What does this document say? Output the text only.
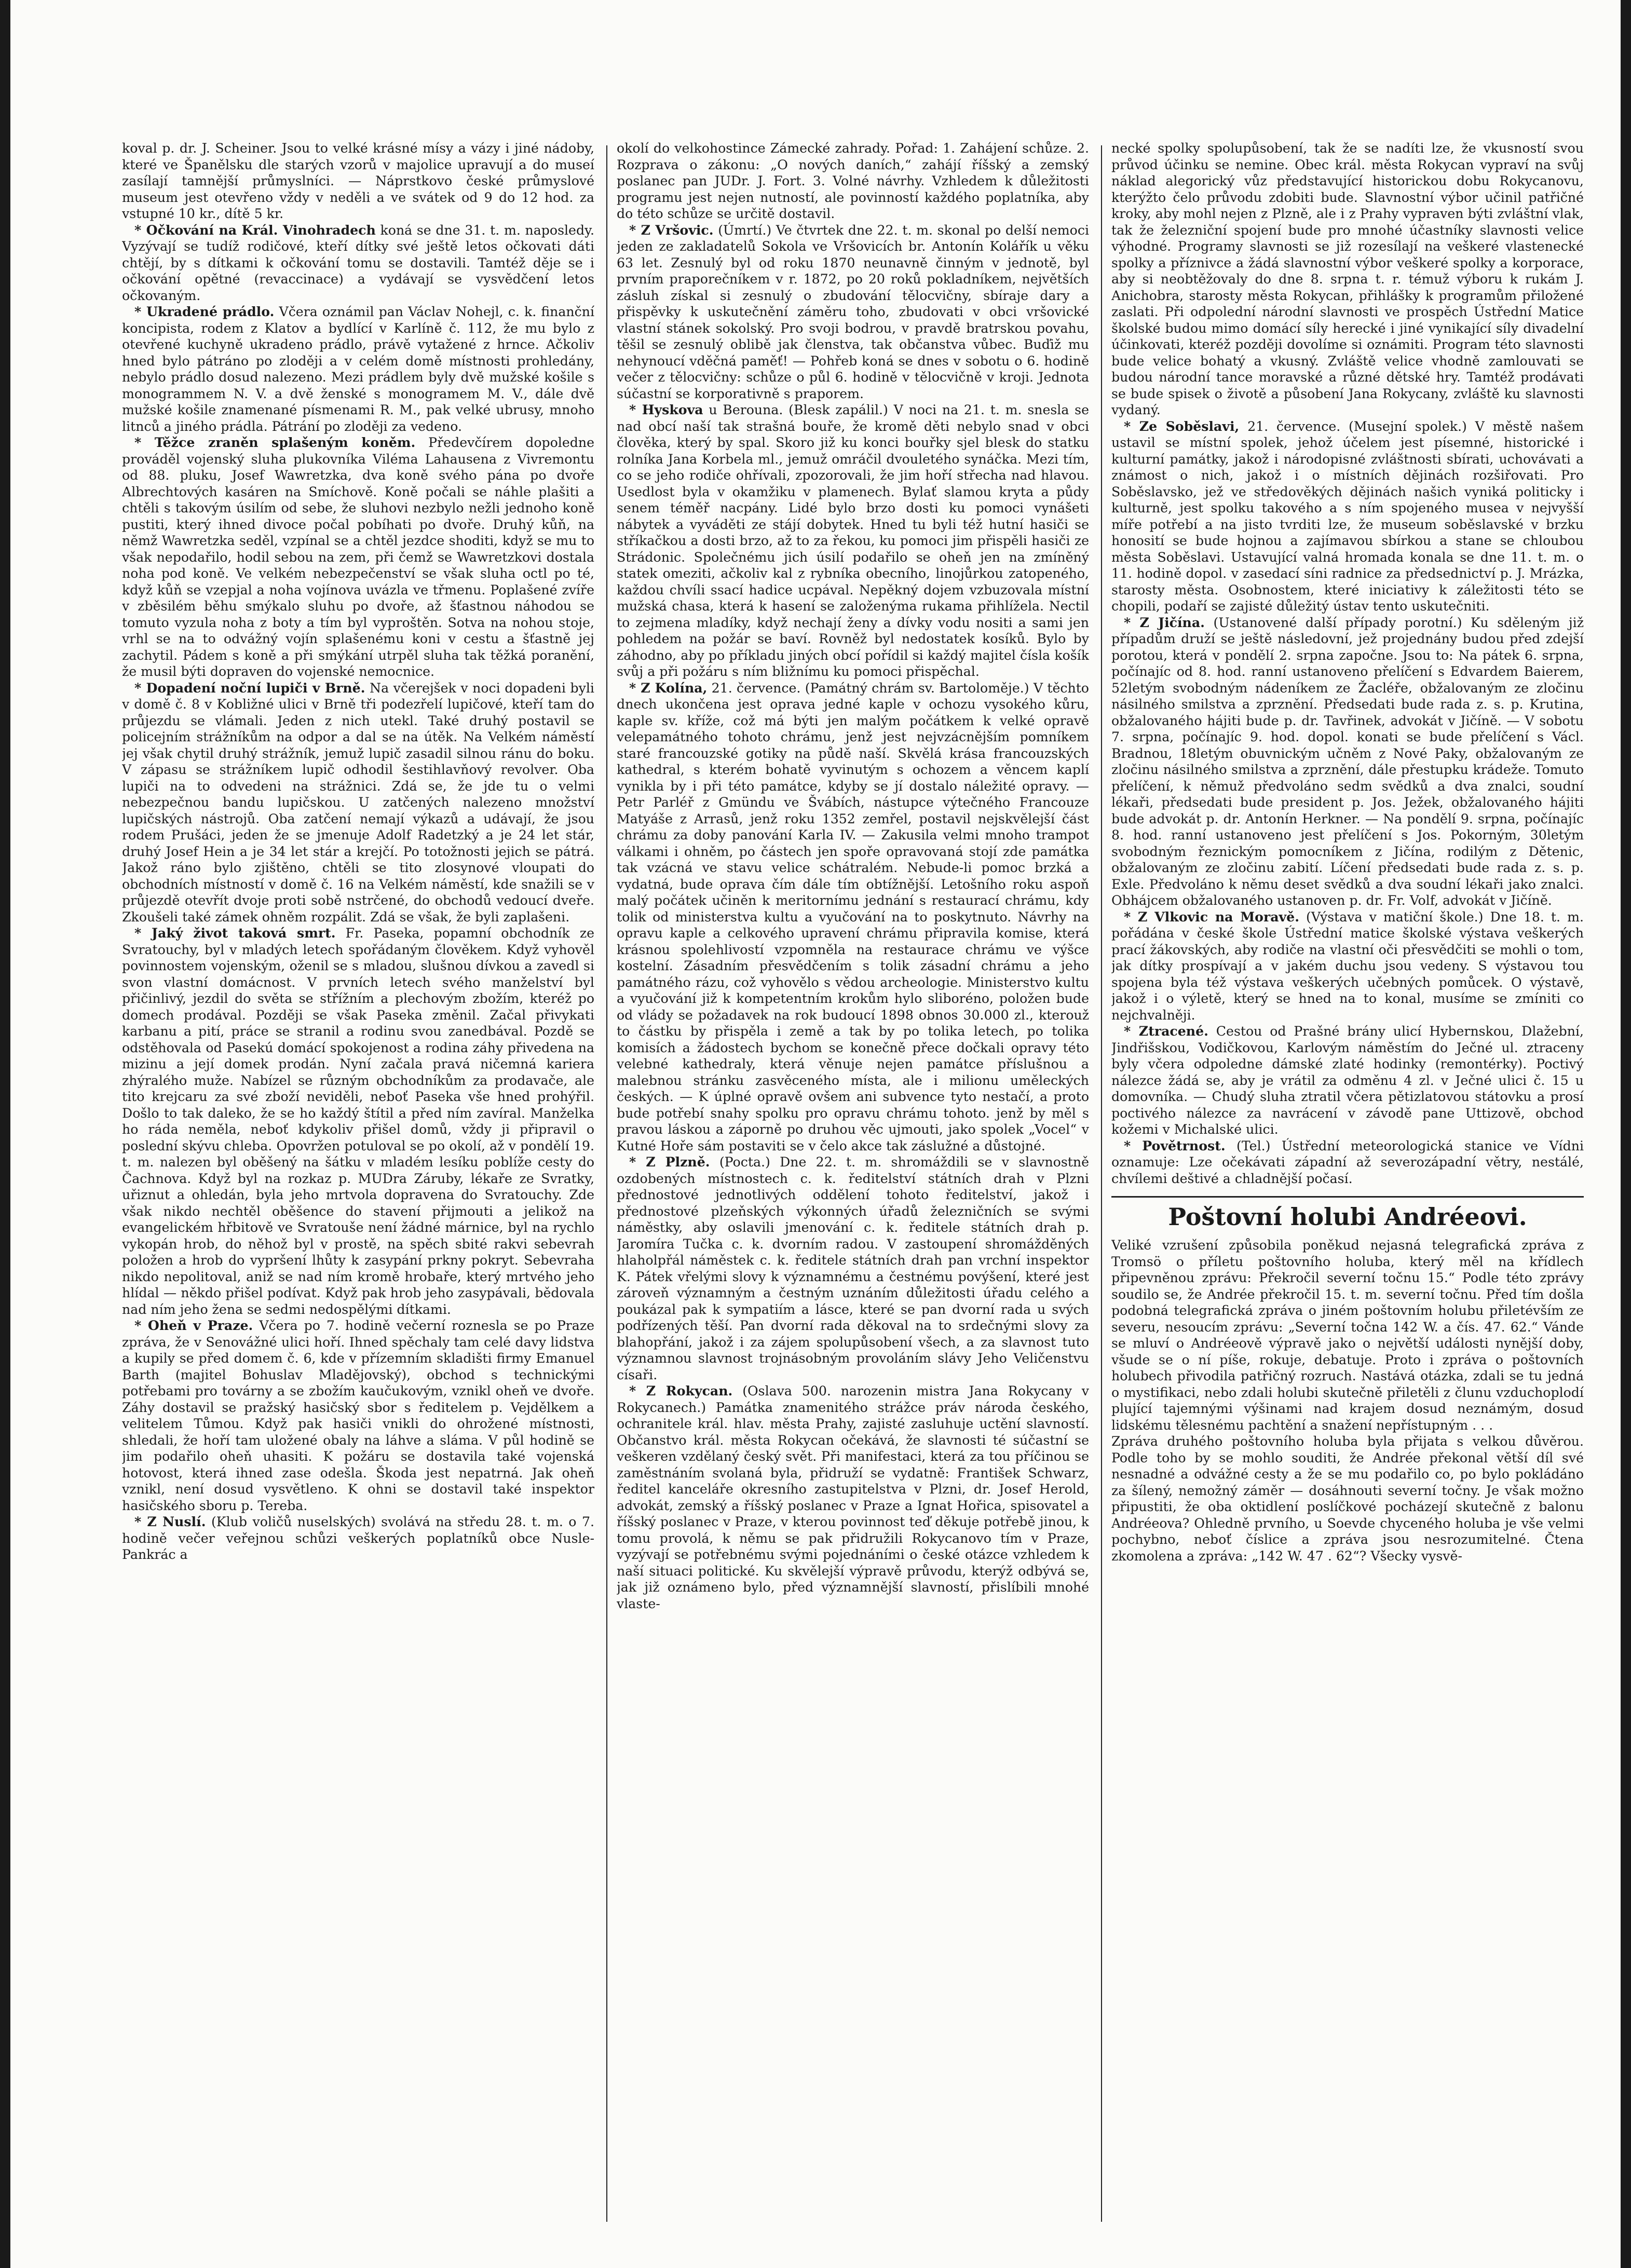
koval p. dr. J. Scheiner. Jsou to velké krásné mísy a vázy i jiné nádoby, které ve Španělsku dle starých vzorů v majolice upravují a do museí zasílají tamnější průmyslníci. — Náprstkovo české průmyslové museum jest otevřeno vždy v neděli a ve svátek od 9 do 12 hod. za vstupné 10 kr., dítě 5 kr.

* Očkování na Král. Vinohradech koná se dne 31. t. m. naposledy. Vyzývají se tudíž rodičové, kteří dítky své ještě letos očkovati dáti chtějí, by s dítkami k očkování tomu se dostavili. Tamtéž děje se i očkování opětné (revaccinace) a vydávají se vysvědčení letos očkovaným.

* Ukradené prádlo. Včera oznámil pan Václav Nohejl, c. k. finanční koncipista, rodem z Klatov a bydlící v Karlíně č. 112, že mu bylo z otevřené kuchyně ukradeno prádlo, právě vytažené z hrnce. Ačkoliv hned bylo pátráno po zloději a v celém domě místnosti prohledány, nebylo prádlo dosud nalezeno. Mezi prádlem byly dvě mužské košile s monogrammem N. V. a dvě ženské s monogramem M. V., dále dvě mužské košile znamenané písmenami R. M., pak velké ubrusy, mnoho litnců a jiného prádla. Pátrání po zloději za vedeno.

* Těžce zraněn splašeným koněm. Předevčírem dopoledne prováděl vojenský sluha plukovníka Viléma Lahausena z Vivremontu od 88. pluku, Josef Wawretzka, dva koně svého pána po dvoře Albrechtových kasáren na Smíchově. Koně počali se náhle plašiti a chtěli s takovým úsilím od sebe, že sluhovi nezbylo nežli jednoho koně pustiti, který ihned divoce počal pobíhati po dvoře. Druhý kůň, na němž Wawretzka seděl, vzpínal se a chtěl jezdce shoditi, když se mu to však nepodařilo, hodil sebou na zem, při čemž se Wawretzkovi dostala noha pod koně. Ve velkém nebezpečenství se však sluha octl po té, když kůň se vzepjal a noha vojínova uvázla ve třmenu. Poplašené zvíře v zběsilém běhu smýkalo sluhu po dvoře, až šťastnou náhodou se tomuto vyzula noha z boty a tím byl vyproštěn. Sotva na nohou stoje, vrhl se na to odvážný vojín splašenému koni v cestu a šťastně jej zachytil. Pádem s koně a při smýkání utrpěl sluha tak těžká poranění, že musil býti dopraven do vojenské nemocnice.

* Dopadení noční lupiči v Brně. Na včerejšek v noci dopadeni byli v domě č. 8 v Kobližné ulici v Brně tři podezřelí lupičové, kteří tam do průjezdu se vlámali. Jeden z nich utekl. Také druhý postavil se policejním strážníkům na odpor a dal se na útěk. Na Velkém náměstí jej však chytil druhý strážník, jemuž lupič zasadil silnou ránu do boku. V zápasu se strážníkem lupič odhodil šestihlavňový revolver. Oba lupiči na to odvedeni na strážnici. Zdá se, že jde tu o velmi nebezpečnou bandu lupičskou. U zatčených nalezeno množství lupičských nástrojů. Oba zatčení nemají výkazů a udávají, že jsou rodem Prušáci, jeden že se jmenuje Adolf Radetzký a je 24 let stár, druhý Josef Hein a je 34 let stár a krejčí. Po totožnosti jejich se pátrá. Jakož ráno bylo zjištěno, chtěli se tito zlosynové vloupati do obchodních místností v domě č. 16 na Velkém náměstí, kde snažili se v průjezdě otevřít dvoje proti sobě nstrčené, do obchodů vedoucí dveře. Zkoušeli také zámek ohněm rozpálit. Zdá se však, že byli zaplašeni.

* Jaký život taková smrt. Fr. Paseka, popamní obchodník ze Svratouchy, byl v mladých letech spořádaným člověkem. Když vyhověl povinnostem vojenským, oženil se s mladou, slušnou dívkou a zavedl si svon vlastní domácnost. V prvních letech svého manželství byl přičinlivý, jezdil do světa se střížním a plechovým zbožím, kteréž po domech prodával. Později se však Paseka změnil. Začal přivykati karbanu a pití, práce se stranil a rodinu svou zanedbával. Pozdě se odstěhovala od Pasekú domácí spokojenost a rodina záhy přivedena na mizinu a její domek prodán. Nyní začala pravá ničemná kariera zhýralého muže. Nabízel se různým obchodníkům za prodavače, ale tito krejcaru za své zboží neviděli, neboť Paseka vše hned prohýřil. Došlo to tak daleko, že se ho každý štítil a před ním zavíral. Manželka ho ráda neměla, neboť kdykoliv přišel domů, vždy ji připravil o poslední skývu chleba. Opovržen potuloval se po okolí, až v pondělí 19. t. m. nalezen byl oběšený na šátku v mladém lesíku poblíže cesty do Čachnova. Když byl na rozkaz p. MUDra Záruby, lékaře ze Svratky, uřiznut a ohledán, byla jeho mrtvola dopravena do Svratouchy. Zde však nikdo nechtěl oběšence do stavení přijmouti a jelikož na evangelickém hřbitově ve Svratouše není žádné márnice, byl na rychlo vykopán hrob, do něhož byl v prostě, na spěch sbité rakvi sebevrah položen a hrob do vypršení lhůty k zasypání prkny pokryt. Sebevraha nikdo nepolitoval, aniž se nad ním kromě hrobaře, který mrtvého jeho hlídal — někdo přišel podívat. Když pak hrob jeho zasypávali, bědovala nad ním jeho žena se sedmi nedospělými dítkami.

* Oheň v Praze. Včera po 7. hodině večerní roznesla se po Praze zpráva, že v Senovážné ulici hoří. Ihned spěchaly tam celé davy lidstva a kupily se před domem č. 6, kde v přízemním skladišti firmy Emanuel Barth (majitel Bohuslav Mladějovský), obchod s technickými potřebami pro továrny a se zbožím kaučukovým, vznikl oheň ve dvoře. Záhy dostavil se pražský hasičský sbor s ředitelem p. Vejdělkem a velitelem Tůmou. Když pak hasiči vnikli do ohrožené místnosti, shledali, že hoří tam uložené obaly na láhve a sláma. V půl hodině se jim podařilo oheň uhasiti. K požáru se dostavila také vojenská hotovost, která ihned zase odešla. Škoda jest nepatrná. Jak oheň vznikl, není dosud vysvětleno. K ohni se dostavil také inspektor hasičského sboru p. Tereba.

* Z Nuslí. (Klub voličů nuselských) svolává na středu 28. t. m. o 7. hodině večer veřejnou schůzi veškerých poplatníků obce Nusle-Pankrác a

okolí do velkohostince Zámecké zahrady. Pořad: 1. Zahájení schůze. 2. Rozprava o zákonu: „O nových daních,“ zahájí říšský a zemský poslanec pan JUDr. J. Fort. 3. Volné návrhy. Vzhledem k důležitosti programu jest nejen nutností, ale povinností každého poplatníka, aby do této schůze se určitě dostavil.

* Z Vršovic. (Úmrtí.) Ve čtvrtek dne 22. t. m. skonal po delší nemoci jeden ze zakladatelů Sokola ve Vršovicích br. Antonín Kolářík u věku 63 let. Zesnulý byl od roku 1870 neunavně činným v jednotě, byl prvním praporečníkem v r. 1872, po 20 roků pokladníkem, největších zásluh získal si zesnulý o zbudování tělocvičny, sbíraje dary a přispěvky k uskutečnění záměru toho, zbudovati v obci vršovické vlastní stánek sokolský. Pro svoji bodrou, v pravdě bratrskou povahu, těšil se zesnulý oblibě jak členstva, tak občanstva vůbec. Buďiž mu nehynoucí vděčná paměť! — Pohřeb koná se dnes v sobotu o 6. hodině večer z tělocvičny: schůze o půl 6. hodině v tělocvičně v kroji. Jednota súčastní se korporativně s praporem.

* Hyskova u Berouna. (Blesk zapálil.) V noci na 21. t. m. snesla se nad obcí naší tak strašná bouře, že kromě děti nebylo snad v obci člověka, který by spal. Skoro již ku konci bouřky sjel blesk do statku rolníka Jana Korbela ml., jemuž omráčil dvouletého synáčka. Mezi tím, co se jeho rodiče ohřívali, zpozorovali, že jim hoří střecha nad hlavou. Usedlost byla v okamžiku v plamenech. Bylať slamou kryta a půdy senem téměř nacpány. Lidé bylo brzo dosti ku pomoci vynášeti nábytek a vyváděti ze stájí dobytek. Hned tu byli též hutní hasiči se stříkačkou a dosti brzo, až to za řekou, ku pomoci jim přispěli hasiči ze Strádonic. Společnému jich úsilí podařilo se oheň jen na zmíněný statek omeziti, ačkoliv kal z rybníka obecního, linojůrkou zatopeného, každou chvíli ssací hadice ucpával. Nepěkný dojem vzbuzovala místní mužská chasa, která k hasení se založenýma rukama přihlížela. Nectil to zejmena mladíky, když nechají ženy a dívky vodu nositi a sami jen pohledem na požár se baví. Rovněž byl nedostatek kosíků. Bylo by záhodno, aby po příkladu jiných obcí pořídil si každý majitel čísla košík svůj a při požáru s ním bližnímu ku pomoci přispěchal.

* Z Kolína, 21. července. (Památný chrám sv. Bartoloměje.) V těchto dnech ukončena jest oprava jedné kaple v ochozu vysokého kůru, kaple sv. kříže, což má býti jen malým počátkem k velké opravě velepamátného tohoto chrámu, jenž jest nejvzácnějším pomníkem staré francouzské gotiky na půdě naší. Skvělá krása francouzských kathedral, s kterém bohatě vyvinutým s ochozem a věncem kaplí vynikla by i při této památce, kdyby se jí dostalo náležité opravy. — Petr Parléř z Gmündu ve Švábích, nástupce výtečného Francouze Matyáše z Arrasů, jenž roku 1352 zemřel, postavil nejskvělejší část chrámu za doby panování Karla IV. — Zakusila velmi mnoho trampot válkami i ohněm, po částech jen spoře opravovaná stojí zde památka tak vzácná ve stavu velice schátralém. Nebude-li pomoc brzká a vydatná, bude oprava čím dále tím obtížnější. Letošního roku aspoň malý počátek učiněn k meritornímu jednání s restaurací chrámu, kdy tolik od ministerstva kultu a vyučování na to poskytnuto. Návrhy na opravu kaple a celkového upravení chrámu připravila komise, která krásnou spolehlivostí vzpomněla na restaurace chrámu ve výšce kostelní. Zásadním přesvědčením s tolik zásadní chrámu a jeho památného rázu, což vyhovělo s vědou archeologie. Ministerstvo kultu a vyučování již k kompetentním krokům hylo sliboréno, položen bude od vlády se požadavek na rok budoucí 1898 obnos 30.000 zl., kterouž to částku by přispěla i země a tak by po tolika letech, po tolika komisích a žádostech bychom se konečně přece dočkali opravy této velebné kathedraly, která věnuje nejen památce příslušnou a malebnou stránku zasvěceného místa, ale i milionu uměleckých českých. — K úplné opravě ovšem ani subvence tyto nestačí, a proto bude potřebí snahy spolku pro opravu chrámu tohoto. jenž by měl s pravou láskou a záporně po druhou věc ujmouti, jako spolek „Vocel“ v Kutné Hoře sám postaviti se v čelo akce tak záslužné a důstojné.

* Z Plzně. (Pocta.) Dne 22. t. m. shromáždili se v slavnostně ozdobených místnostech c. k. ředitelství státních drah v Plzni přednostové jednotlivých oddělení tohoto ředitelství, jakož i přednostové plzeňských výkonných úřadů železničních se svými náměstky, aby oslavili jmenování c. k. ředitele státních drah p. Jaromíra Tučka c. k. dvorním radou. V zastoupení shromážděných hlaholpřál náměstek c. k. ředitele státních drah pan vrchní inspektor K. Pátek vřelými slovy k významnému a čestnému povýšení, které jest zároveň významným a čestným uznáním důležitosti úřadu celého a poukázal pak k sympatiím a lásce, které se pan dvorní rada u svých podřízených těší. Pan dvorní rada děkoval na to srdečnými slovy za blahopřání, jakož i za zájem spolupůsobení všech, a za slavnost tuto významnou slavnost trojnásobným provoláním slávy Jeho Veličenstvu císaři.

* Z Rokycan. (Oslava 500. narozenin mistra Jana Rokycany v Rokycanech.) Památka znamenitého strážce práv národa českého, ochranitele král. hlav. města Prahy, zajisté zasluhuje uctění slavností. Občanstvo král. města Rokycan očekává, že slavnosti té súčastní se veškeren vzdělaný český svět. Při manifestaci, která za tou příčinou se zaměstnáním svolaná byla, přidruží se vydatně: František Schwarz, ředitel kanceláře okresního zastupitelstva v Plzni, dr. Josef Herold, advokát, zemský a říšský poslanec v Praze a Ignat Hořica, spisovatel a říšský poslanec v Praze, v kterou povinnost teď děkuje potřebě jinou, k tomu provolá, k němu se pak přidružili Rokycanovo tím v Praze, vyzývají se potřebnému svými pojednáními o české otázce vzhledem k naší situaci politické. Ku skvělejší výpravě průvodu, kterýž odbývá se, jak již oznámeno bylo, před významnější slavností, přislíbili mnohé vlaste-

necké spolky spolupůsobení, tak že se nadíti lze, že vkusností svou průvod účinku se nemine. Obec král. města Rokycan vypraví na svůj náklad alegorický vůz představující historickou dobu Rokycanovu, kterýžto čelo průvodu zdobiti bude. Slavnostní výbor učinil patřičné kroky, aby mohl nejen z Plzně, ale i z Prahy vypraven býti zvláštní vlak, tak že železniční spojení bude pro mnohé účastníky slavnosti velice výhodné. Programy slavnosti se již rozesílají na veškeré vlastenecké spolky a příznivce a žádá slavnostní výbor veškeré spolky a korporace, aby si neobtěžovaly do dne 8. srpna t. r. témuž výboru k rukám J. Anichobra, starosty města Rokycan, přihlášky k programům přiložené zaslati. Při odpolední národní slavnosti ve prospěch Ústřední Matice školské budou mimo domácí síly herecké i jiné vynikající síly divadelní účinkovati, kteréž později dovolíme si oznámiti. Program této slavnosti bude velice bohatý a vkusný. Zvláště velice vhodně zamlouvati se budou národní tance moravské a různé dětské hry. Tamtéž prodávati se bude spisek o životě a působení Jana Rokycany, zvláště ku slavnosti vydaný.

* Ze Soběslavi, 21. července. (Musejní spolek.) V městě našem ustavil se místní spolek, jehož účelem jest písemné, historické i kulturní památky, jakož i národopisné zvláštnosti sbírati, uchovávati a známost o nich, jakož i o místních dějinách rozšiřovati. Pro Soběslavsko, jež ve středověkých dějinách našich vyniká politicky i kulturně, jest spolku takového a s ním spojeného musea v nejvyšší míře potřebí a na jisto tvrditi lze, že museum soběslavské v brzku honosití se bude hojnou a zajímavou sbírkou a stane se chloubou města Soběslavi. Ustavující valná hromada konala se dne 11. t. m. o 11. hodině dopol. v zasedací síni radnice za předsednictví p. J. Mrázka, starosty města. Osobnostem, které iniciativy k záležitosti této se chopili, podaří se zajisté důležitý ústav tento uskutečniti.

* Z Jičína. (Ustanovené další případy porotní.) Ku sděleným již případům druží se ještě následovní, jež projednány budou před zdejší porotou, která v pondělí 2. srpna započne. Jsou to: Na pátek 6. srpna, počínajíc od 8. hod. ranní ustanoveno přelíčení s Edvardem Baierem, 52letým svobodným nádeníkem ze Žacléře, obžalovaným ze zločinu násilného smilstva a zprznění. Předsedati bude rada z. s. p. Krutina, obžalovaného hájiti bude p. dr. Tavřinek, advokát v Jičíně. — V sobotu 7. srpna, počínajíc 9. hod. dopol. konati se bude přelíčení s Václ. Bradnou, 18letým obuvnickým učněm z Nové Paky, obžalovaným ze zločinu násilného smilstva a zprznění, dále přestupku krádeže. Tomuto přelíčení, k němuž předvoláno sedm svědků a dva znalci, soudní lékaři, předsedati bude president p. Jos. Ježek, obžalovaného hájiti bude advokát p. dr. Antonín Herkner. — Na pondělí 9. srpna, počínajíc 8. hod. ranní ustanoveno jest přelíčení s Jos. Pokorným, 30letým svobodným řeznickým pomocníkem z Jičína, rodilým z Dětenic, obžalovaným ze zločinu zabití. Líčení předsedati bude rada z. s. p. Exle. Předvoláno k němu deset svědků a dva soudní lékaři jako znalci. Obhájcem obžalovaného ustanoven p. dr. Fr. Volf, advokát v Jičíně.

* Z Vlkovic na Moravě. (Výstava v matiční škole.) Dne 18. t. m. pořádána v české škole Ústřední matice školské výstava veškerých prací žákovských, aby rodiče na vlastní oči přesvědčiti se mohli o tom, jak dítky prospívají a v jakém duchu jsou vedeny. S výstavou tou spojena byla též výstava veškerých učebných pomůcek. O výstavě, jakož i o výletě, který se hned na to konal, musíme se zmíniti co nejchvalněji.

* Ztracené. Cestou od Prašné brány ulicí Hybernskou, Dlažební, Jindřišskou, Vodičkovou, Karlovým náměstím do Ječné ul. ztraceny byly včera odpoledne dámské zlaté hodinky (remontérky). Poctivý nálezce žádá se, aby je vrátil za odměnu 4 zl. v Ječné ulici č. 15 u domovníka. — Chudý sluha ztratil včera pětizlatovou státovku a prosí poctivého nálezce za navrácení v závodě pane Uttizově, obchod kožemi v Michalské ulici.

* Povětrnost. (Tel.) Ústřední meteorologická stanice ve Vídni oznamuje: Lze očekávati západní až severozápadní větry, nestálé, chvílemi deštivé a chladnější počasí.

Poštovní holubi Andréeovi.

Veliké vzrušení způsobila poněkud nejasná telegrafická zpráva z Tromsö o příletu poštovního holuba, který měl na křídlech připevněnou zprávu: Překročil severní točnu 15.“ Podle této zprávy soudilo se, že Andrée překročil 15. t. m. severní točnu. Před tím došla podobná telegrafická zpráva o jiném poštovním holubu přiletévším ze severu, nesoucím zprávu: „Severní točna 142 W. a čís. 47. 62.“ Vánde se mluví o Andréeově výpravě jako o největší události nynější doby, všude se o ní píše, rokuje, debatuje. Proto i zpráva o poštovních holubech přivodila patřičný rozruch. Nastává otázka, zdali se tu jedná o mystifikaci, nebo zdali holubi skutečně přiletěli z člunu vzduchoplodí plující tajemnými výšinami nad krajem dosud neznámým, dosud lidskému tělesnému pachtění a snažení nepřístupným . . .

Zpráva druhého poštovního holuba byla přijata s velkou důvěrou. Podle toho by se mohlo souditi, že Andrée překonal větší díl své nesnadné a odvážné cesty a že se mu podařilo co, po bylo pokládáno za šílený, nemožný záměr — dosáhnouti severní točny. Je však možno připustiti, že oba oktidlení poslíčkové pocházejí skutečně z balonu Andréeova? Ohledně prvního, u Soevde chyceného holuba je vše velmi pochybno, neboť číslice a zpráva jsou nesrozumitelné. Čtena zkomolena a zpráva: „142 W. 47 . 62“? Všecky vysvě-
